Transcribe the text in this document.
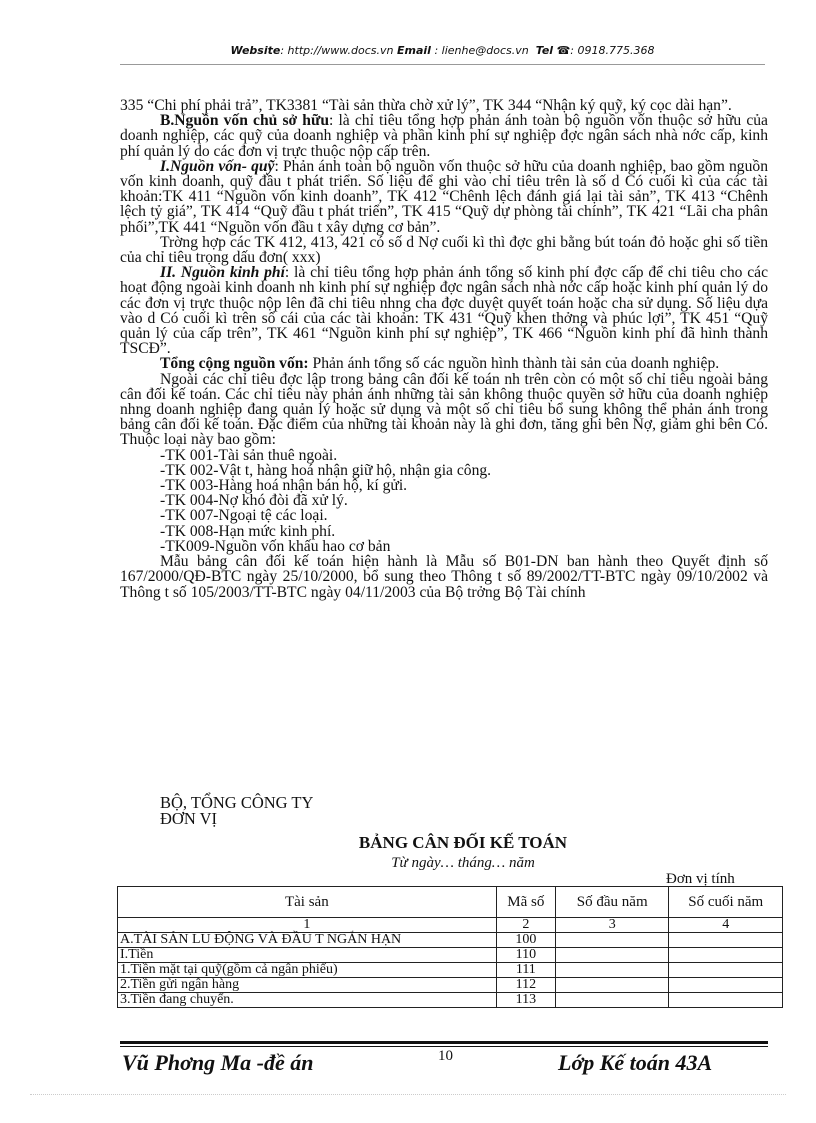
Website: http://www.docs.vn Email : lienhe@docs.vn Tel ☎: 0918.775.368

335 “Chi phí phải trả”, TK3381 “Tài sản thừa chờ xử lý”, TK 344 “Nhận ký quỹ, ký cọc dài hạn”.

B.Nguồn vốn chủ sở hữu: là chỉ tiêu tổng hợp phản ánh toàn bộ nguồn vốn thuộc sở hữu của doanh nghiệp, các quỹ của doanh nghiệp và phần kinh phí sự nghiệp đợc ngân sách nhà nớc cấp, kinh phí quản lý do các đơn vị trực thuộc nộp cấp trên.

I.Nguồn vốn- quỹ: Phản ánh toàn bộ nguồn vốn thuộc sở hữu của doanh nghiệp, bao gồm nguồn vốn kinh doanh, quỹ đầu t phát triển. Số liệu để ghi vào chỉ tiêu trên là số d Có cuối kì của các tài khoản:TK 411 “Nguồn vốn kinh doanh”, TK 412 “Chênh lệch đánh giá lại tài sản”, TK 413 “Chênh lệch tỷ giá”, TK 414 “Quỹ đầu t phát triển”, TK 415 “Quỹ dự phòng tài chính”, TK 421 “Lãi cha phân phối”,TK 441 “Nguồn vốn đầu t xây dựng cơ bản”.

Trờng hợp các TK 412, 413, 421 có số d Nợ cuối kì thì đợc ghi bằng bút toán đỏ hoặc ghi số tiền của chỉ tiêu trọng dấu đơn( xxx)

II. Nguồn kinh phí: là chỉ tiêu tổng hợp phản ánh tổng số kinh phí đợc cấp để chi tiêu cho các hoạt động ngoài kinh doanh nh kinh phí sự nghiệp đợc ngân sách nhà nớc cấp hoặc kinh phí quản lý do các đơn vị trực thuộc nộp lên đã chi tiêu nhng cha đợc duyệt quyết toán hoặc cha sử dụng. Số liệu dựa vào d Có cuối kì trên sổ cái của các tài khoản: TK 431 “Quỹ khen thởng và phúc lợi”, TK 451 “Quỹ quản lý của cấp trên”, TK 461 “Nguồn kinh phí sự nghiệp”, TK 466 “Nguồn kinh phí đã hình thành TSCĐ”.

Tổng cộng nguồn vốn: Phản ánh tổng số các nguồn hình thành tài sản của doanh nghiệp.

Ngoài các chỉ tiêu đợc lập trong bảng cân đối kế toán nh trên còn có một số chỉ tiêu ngoài bảng cân đối kế toán. Các chỉ tiêu này phản ánh những tài sản không thuộc quyền sở hữu của doanh nghiệp nhng doanh nghiệp đang quản lý hoặc sử dụng và một số chỉ tiêu bổ sung không thể phản ánh trong bảng cân đối kế toán. Đặc điểm của những tài khoản này là ghi đơn, tăng ghi bên Nợ, giảm ghi bên Có. Thuộc loại này bao gồm:

-TK 001-Tài sản thuê ngoài.

-TK 002-Vật t, hàng hoá nhận giữ hộ, nhận gia công.

-TK 003-Hàng hoá nhận bán hộ, kí gửi.

-TK 004-Nợ khó đòi đã xử lý.

-TK 007-Ngoại tệ các loại.

-TK 008-Hạn mức kinh phí.

-TK009-Nguồn vốn khấu hao cơ bản

Mẫu bảng cân đối kế toán hiện hành là Mẫu số B01-DN ban hành theo Quyết định số 167/2000/QĐ-BTC ngày 25/10/2000, bổ sung theo Thông t số 89/2002/TT-BTC ngày 09/10/2002 và Thông t số 105/2003/TT-BTC ngày 04/11/2003 của Bộ trởng Bộ Tài chính

BỘ, TỔNG CÔNG TY
ĐƠN VỊ
BẢNG CÂN ĐỐI KẾ TOÁN
Từ ngày… tháng… năm
Đơn vị tính
Tài sản	Mã số	Số đầu năm	Số cuối năm
1	2	3	4
A.TÀI SẢN LU ĐỘNG VÀ ĐẦU T NGẮN HẠN	100		
I.Tiền	110		
1.Tiền mặt tại quỹ(gồm cả ngân phiếu)	111		
2.Tiền gửi ngân hàng	112		
3.Tiền đang chuyển.	113		
Vũ Phơng Ma -đề án	10	Lớp Kế toán 43A
